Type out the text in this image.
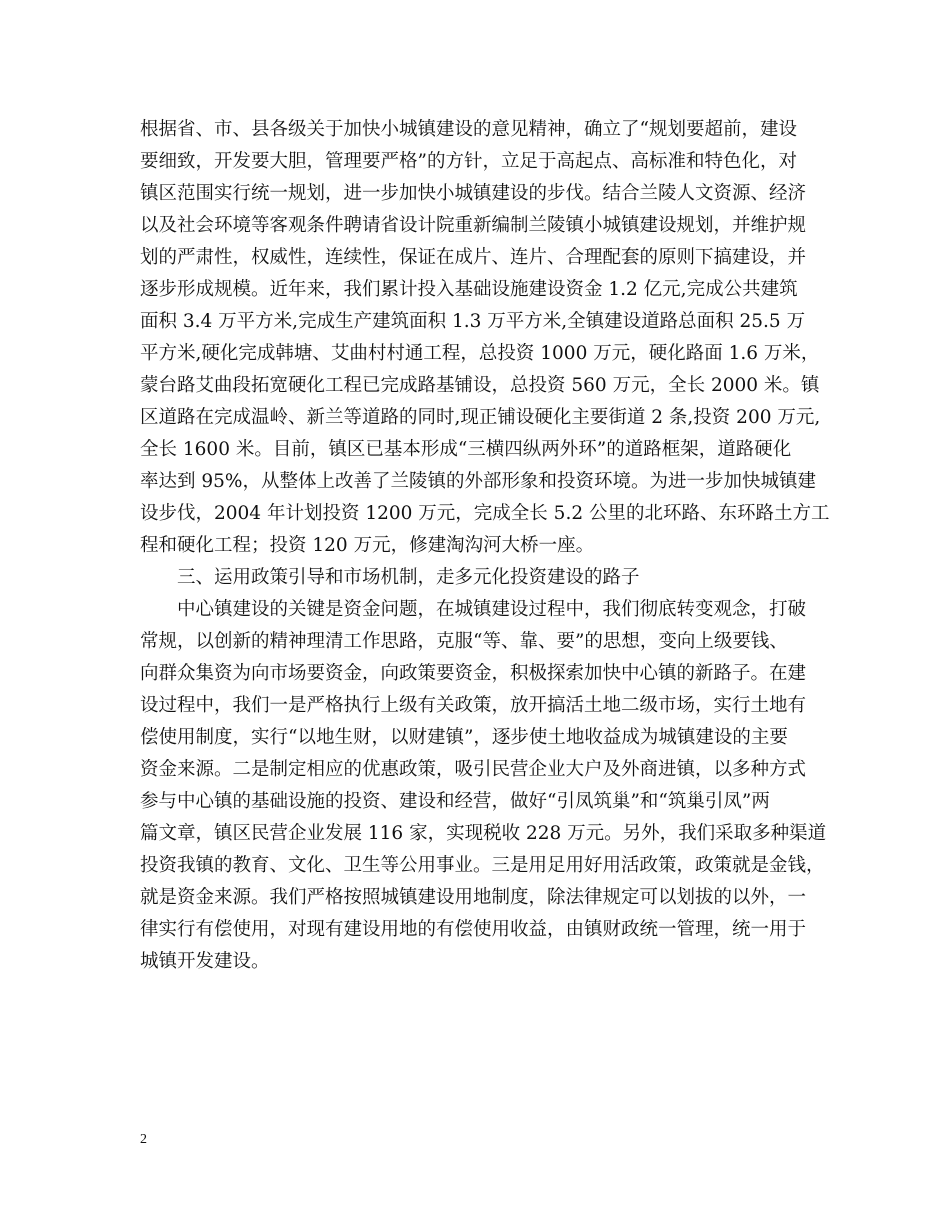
根据省、市、县各级关于加快小城镇建设的意见精神，确立了“规划要超前，建设
要细致，开发要大胆，管理要严格”的方针，立足于高起点、高标准和特色化，对
镇区范围实行统一规划，进一步加快小城镇建设的步伐。结合兰陵人文资源、经济
以及社会环境等客观条件聘请省设计院重新编制兰陵镇小城镇建设规划，并维护规
划的严肃性，权威性，连续性，保证在成片、连片、合理配套的原则下搞建设，并
逐步形成规模。近年来，我们累计投入基础设施建设资金 1.2 亿元,完成公共建筑
面积 3.4 万平方米,完成生产建筑面积 1.3 万平方米,全镇建设道路总面积 25.5 万
平方米,硬化完成韩塘、艾曲村村通工程，总投资 1000 万元，硬化路面 1.6 万米，
蒙台路艾曲段拓宽硬化工程已完成路基铺设，总投资 560 万元，全长 2000 米。镇
区道路在完成温岭、新兰等道路的同时,现正铺设硬化主要街道 2 条,投资 200 万元,
全长 1600 米。目前，镇区已基本形成“三横四纵两外环”的道路框架，道路硬化
率达到 95%，从整体上改善了兰陵镇的外部形象和投资环境。为进一步加快城镇建
设步伐，2004 年计划投资 1200 万元，完成全长 5.2 公里的北环路、东环路土方工
程和硬化工程；投资 120 万元，修建淘沟河大桥一座。
三、运用政策引导和市场机制，走多元化投资建设的路子
中心镇建设的关键是资金问题，在城镇建设过程中，我们彻底转变观念，打破
常规，以创新的精神理清工作思路，克服“等、靠、要”的思想，变向上级要钱、
向群众集资为向市场要资金，向政策要资金，积极探索加快中心镇的新路子。在建
设过程中，我们一是严格执行上级有关政策，放开搞活土地二级市场，实行土地有
偿使用制度，实行“以地生财，以财建镇”，逐步使土地收益成为城镇建设的主要
资金来源。二是制定相应的优惠政策，吸引民营企业大户及外商进镇，以多种方式
参与中心镇的基础设施的投资、建设和经营，做好“引凤筑巢”和“筑巢引凤”两
篇文章，镇区民营企业发展 116 家，实现税收 228 万元。另外，我们采取多种渠道
投资我镇的教育、文化、卫生等公用事业。三是用足用好用活政策，政策就是金钱，
就是资金来源。我们严格按照城镇建设用地制度，除法律规定可以划拔的以外，一
律实行有偿使用，对现有建设用地的有偿使用收益，由镇财政统一管理，统一用于
城镇开发建设。
2
